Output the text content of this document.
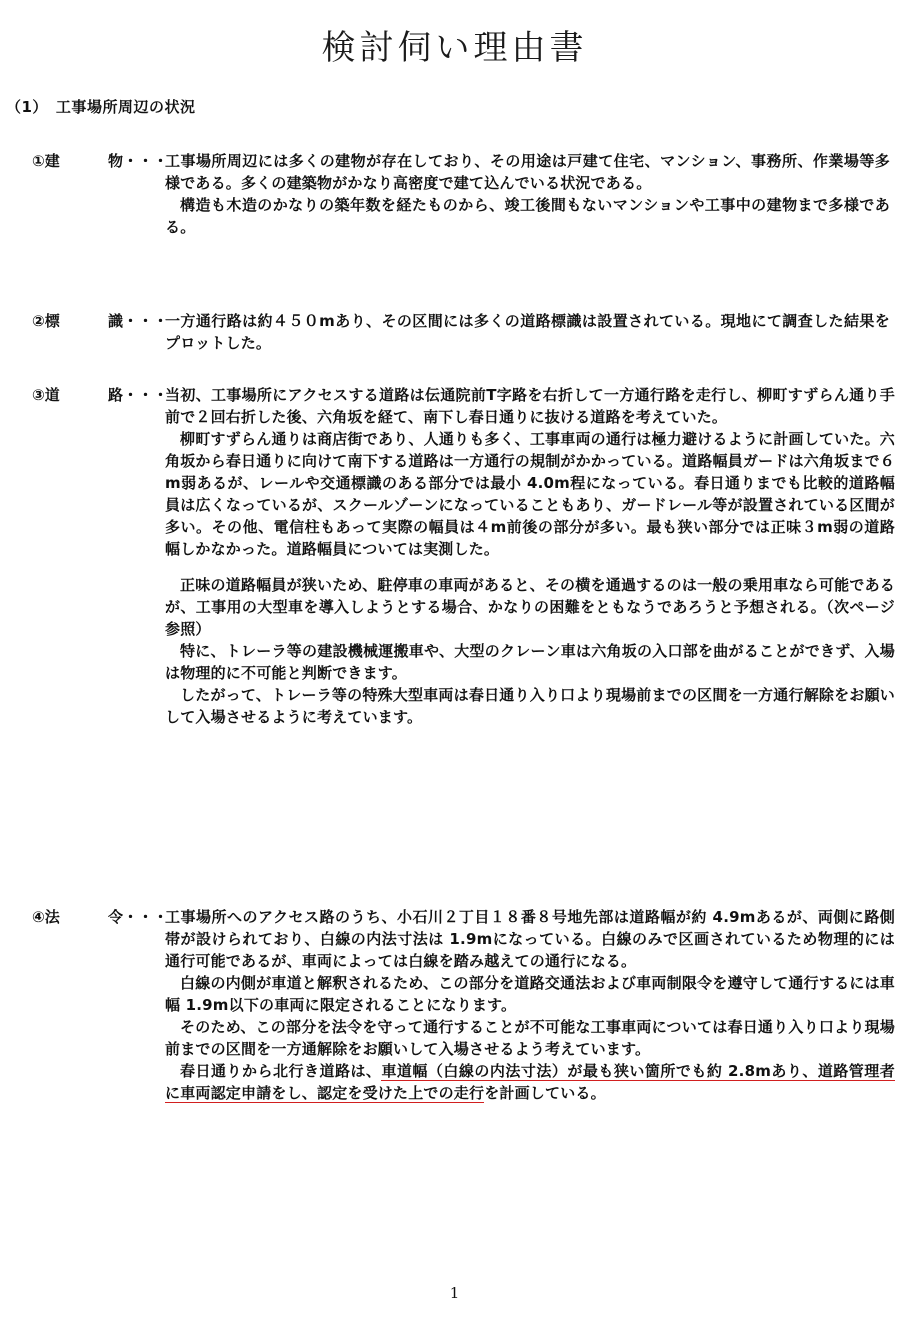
検討伺い理由書
（1）　工事場所周辺の状況
①建	物・・・

工事場所周辺には多くの建物が存在しており、その用途は戸建て住宅、マンション、事務所、作業場等多様である。多くの建築物がかなり高密度で建て込んでいる状況である。

構造も木造のかなりの築年数を経たものから、竣工後間もないマンションや工事中の建物まで多様である。

②標	識・・・

一方通行路は約４５０mあり、その区間には多くの道路標識は設置されている。現地にて調査した結果をプロットした。

③道	路・・・

当初、工事場所にアクセスする道路は伝通院前T字路を右折して一方通行路を走行し、柳町すずらん通り手前で２回右折した後、六角坂を経て、南下し春日通りに抜ける道路を考えていた。

柳町すずらん通りは商店街であり、人通りも多く、工事車両の通行は極力避けるように計画していた。六角坂から春日通りに向けて南下する道路は一方通行の規制がかかっている。道路幅員ガードは六角坂まで６m弱あるが、レールや交通標識のある部分では最小 4.0m程になっている。春日通りまでも比較的道路幅員は広くなっているが、スクールゾーンになっていることもあり、ガードレール等が設置されている区間が多い。その他、電信柱もあって実際の幅員は４m前後の部分が多い。最も狭い部分では正味３m弱の道路幅しかなかった。道路幅員については実測した。

正味の道路幅員が狭いため、駐停車の車両があると、その横を通過するのは一般の乗用車なら可能であるが、工事用の大型車を導入しようとする場合、かなりの困難をともなうであろうと予想される。（次ページ参照）

特に、トレーラ等の建設機械運搬車や、大型のクレーン車は六角坂の入口部を曲がることができず、入場は物理的に不可能と判断できます。

したがって、トレーラ等の特殊大型車両は春日通り入り口より現場前までの区間を一方通行解除をお願いして入場させるように考えています。

④法	令・・・

工事場所へのアクセス路のうち、小石川２丁目１８番８号地先部は道路幅が約 4.9mあるが、両側に路側帯が設けられており、白線の内法寸法は 1.9mになっている。白線のみで区画されているため物理的には通行可能であるが、車両によっては白線を踏み越えての通行になる。

白線の内側が車道と解釈されるため、この部分を道路交通法および車両制限令を遵守して通行するには車幅 1.9m以下の車両に限定されることになります。

そのため、この部分を法令を守って通行することが不可能な工事車両については春日通り入り口より現場前までの区間を一方通解除をお願いして入場させるよう考えています。

春日通りから北行き道路は、車道幅（白線の内法寸法）が最も狭い箇所でも約 2.8mあり、道路管理者に車両認定申請をし、認定を受けた上での走行を計画している。

1
